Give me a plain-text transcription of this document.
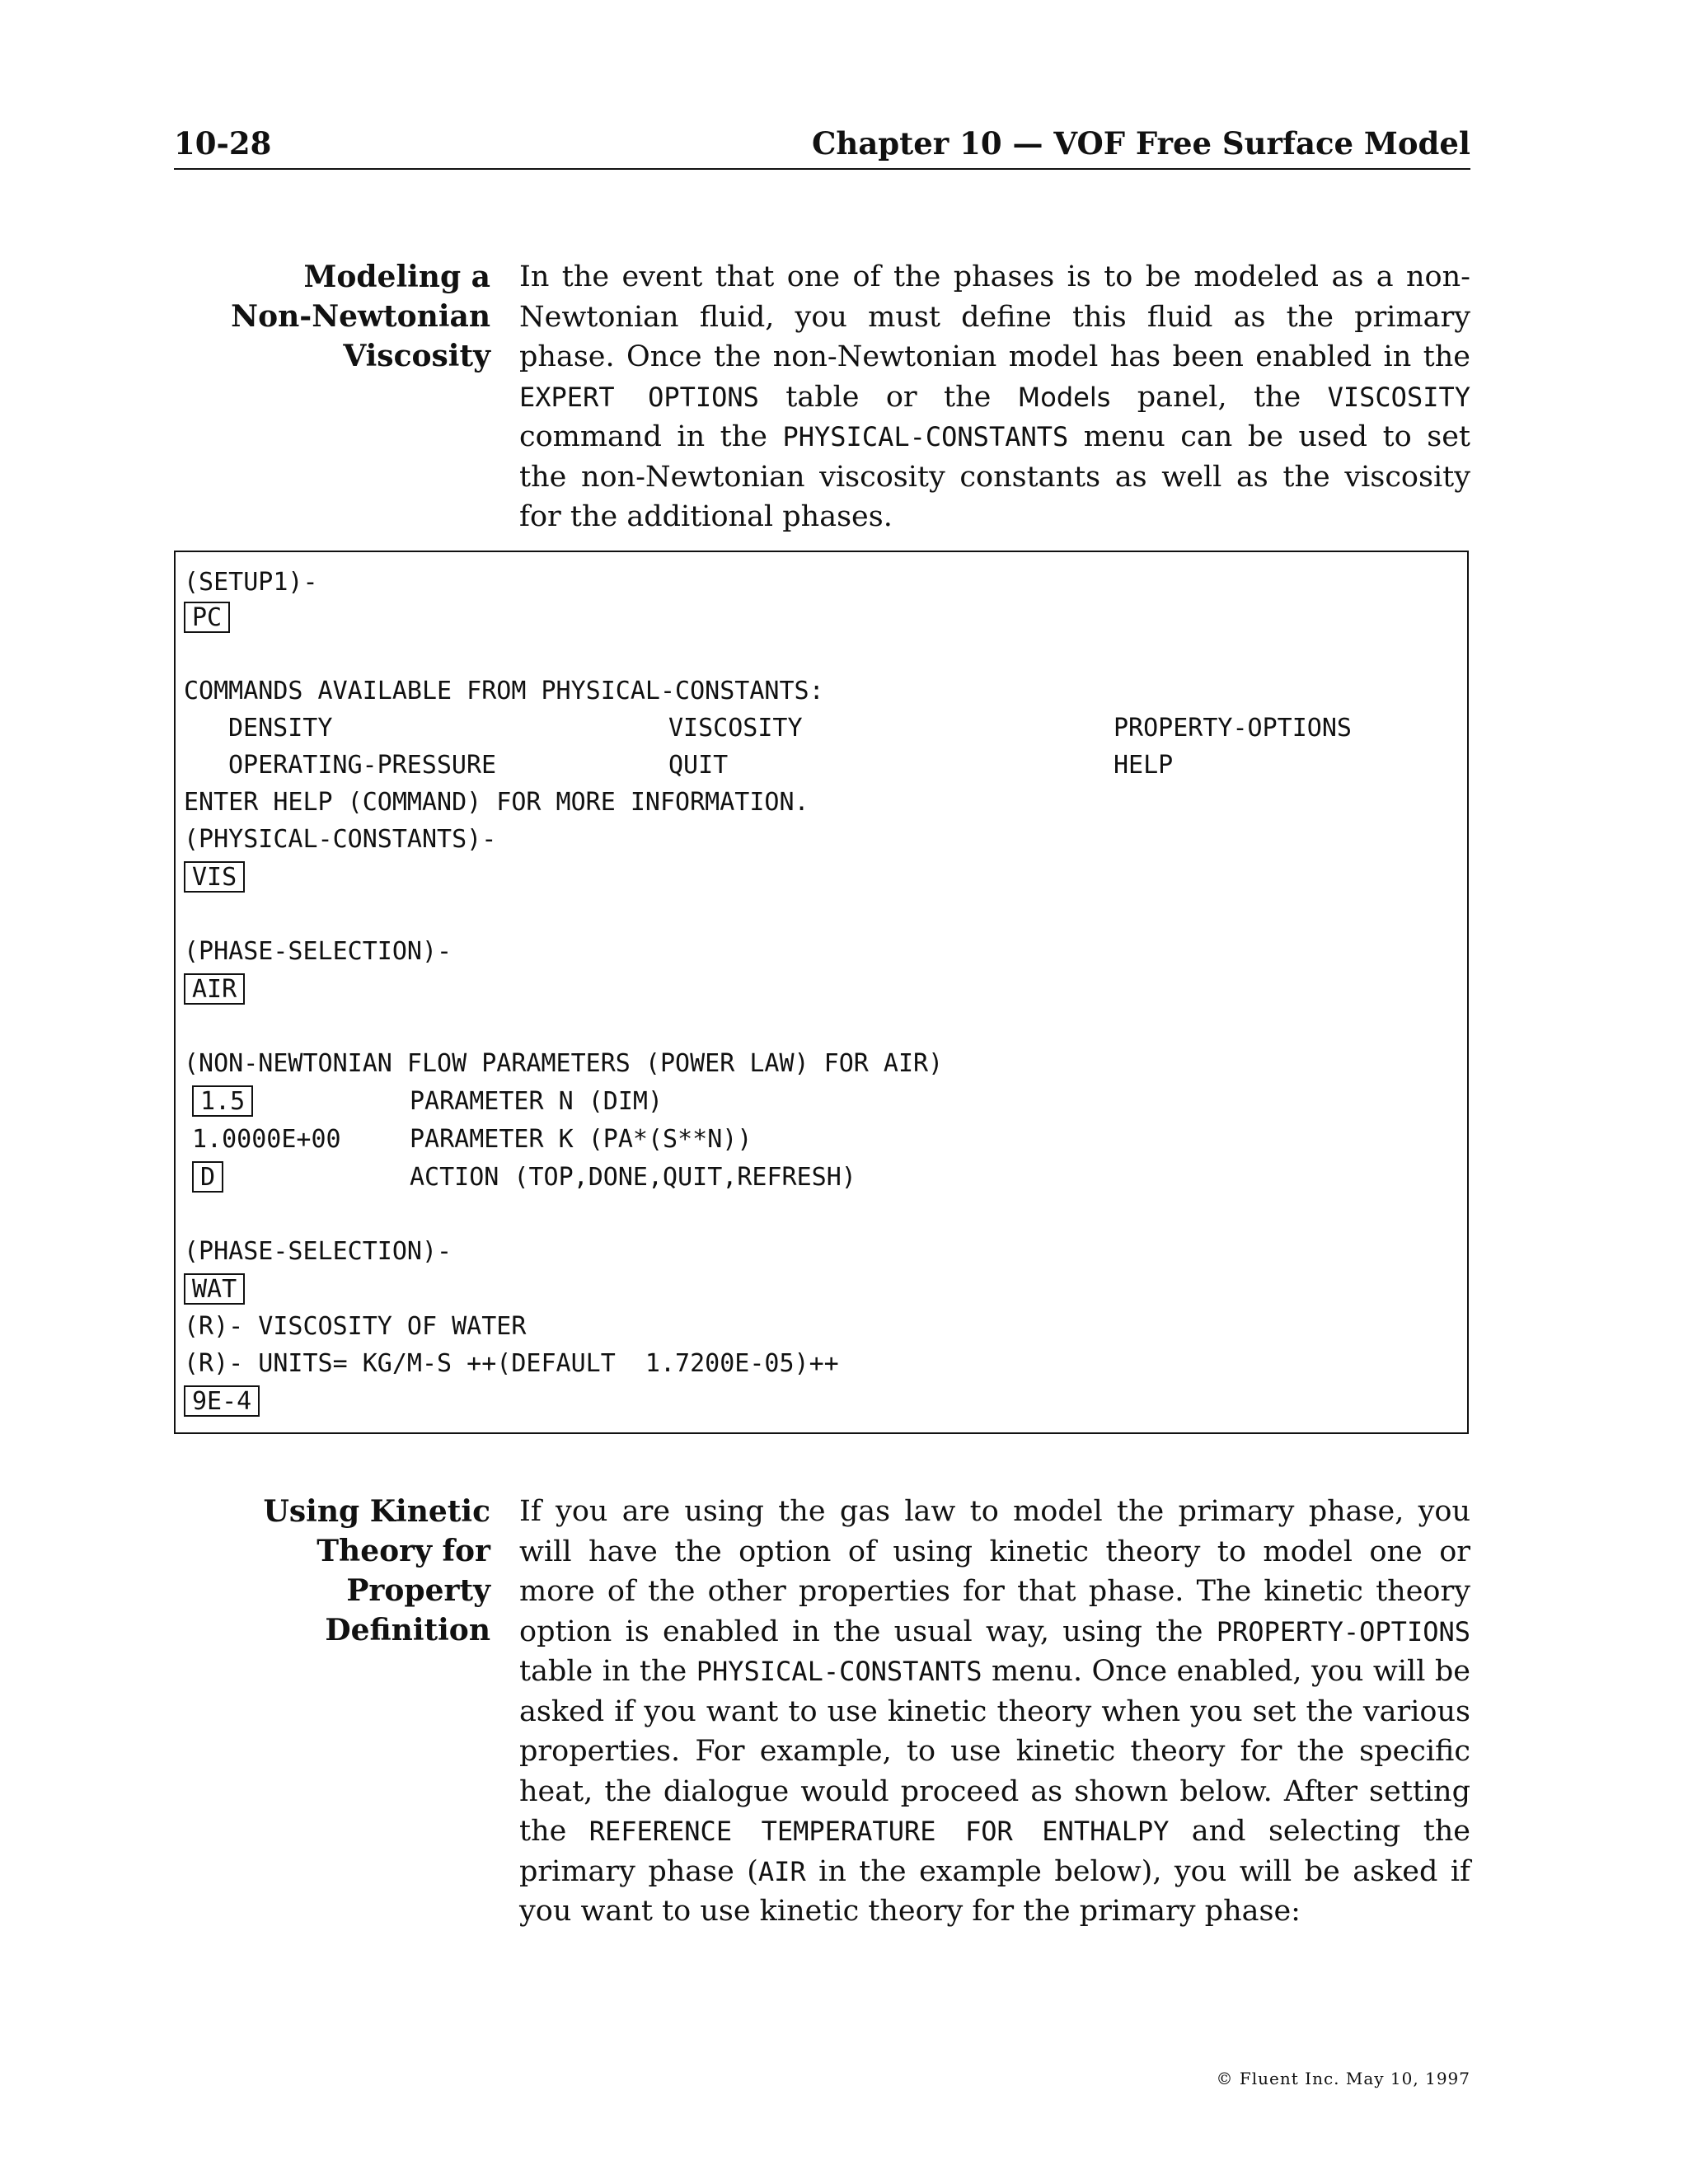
10-28	Chapter 10 — VOF Free Surface Model
Modeling a
Non-Newtonian
Viscosity
In the event that one of the phases is to be modeled as a non-Newtonian fluid, you must define this fluid as the primary phase. Once the non-Newtonian model has been enabled in the EXPERT OPTIONS table or the Models panel, the VISCOSITY command in the PHYSICAL-CONSTANTS menu can be used to set the non-Newtonian viscosity constants as well as the viscosity for the additional phases.
(SETUP1)-
PC
COMMANDS AVAILABLE FROM PHYSICAL-CONSTANTS:
DENSITY	VISCOSITY	PROPERTY-OPTIONS
OPERATING-PRESSURE	QUIT	HELP
ENTER HELP (COMMAND) FOR MORE INFORMATION.
(PHYSICAL-CONSTANTS)-
VIS
(PHASE-SELECTION)-
AIR
(NON-NEWTONIAN FLOW PARAMETERS (POWER LAW) FOR AIR)
1.5	PARAMETER N (DIM)
1.0000E+00	PARAMETER K (PA*(S**N))
D	ACTION (TOP,DONE,QUIT,REFRESH)
(PHASE-SELECTION)-
WAT
(R)- VISCOSITY OF WATER
(R)- UNITS= KG/M-S ++(DEFAULT  1.7200E-05)++
9E-4
Using Kinetic
Theory for
Property Definition
If you are using the gas law to model the primary phase, you will have the option of using kinetic theory to model one or more of the other properties for that phase. The kinetic theory option is enabled in the usual way, using the PROPERTY-OPTIONS table in the PHYSICAL-CONSTANTS menu. Once enabled, you will be asked if you want to use kinetic theory when you set the various properties. For example, to use kinetic theory for the specific heat, the dialogue would proceed as shown below. After setting the REFERENCE TEMPERATURE FOR ENTHALPY and selecting the primary phase (AIR in the example below), you will be asked if you want to use kinetic theory for the primary phase:
© Fluent Inc. May 10, 1997
